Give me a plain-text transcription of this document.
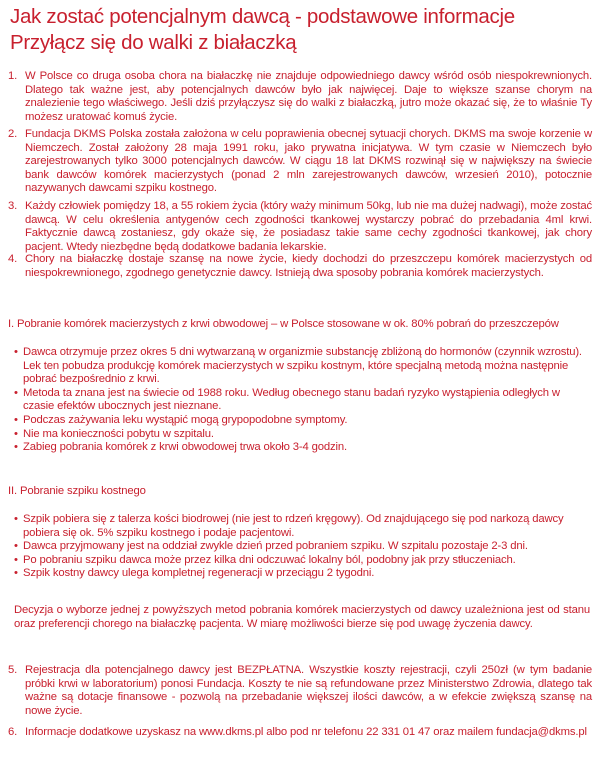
Jak zostać potencjalnym dawcą - podstawowe informacje
Przyłącz się do walki z białaczką
1. W Polsce co druga osoba chora na białaczkę nie znajduje odpowiedniego dawcy wśród osób niespokrewnionych. Dlatego tak ważne jest, aby potencjalnych dawców było jak najwięcej. Daje to większe szanse chorym na znalezienie tego właściwego. Jeśli dziś przyłączysz się do walki z białaczką, jutro może okazać się, że to właśnie Ty możesz uratować komuś życie.
2. Fundacja DKMS Polska została założona w celu poprawienia obecnej sytuacji chorych. DKMS ma swoje korzenie w Niemczech. Został założony 28 maja 1991 roku, jako prywatna inicjatywa. W tym czasie w Niemczech było zarejestrowanych tylko 3000 potencjalnych dawców. W ciągu 18 lat DKMS rozwinął się w największy na świecie bank dawców komórek macierzystych (ponad 2 mln zarejestrowanych dawców, wrzesień 2010), potocznie nazywanych dawcami szpiku kostnego.
3. Każdy człowiek pomiędzy 18, a 55 rokiem życia (który waży minimum 50kg, lub nie ma dużej nadwagi), może zostać dawcą. W celu określenia antygenów cech zgodności tkankowej wystarczy pobrać do przebadania 4ml krwi. Faktycznie dawcą zostaniesz, gdy okaże się, że posiadasz takie same cechy zgodności tkankowej, jak chory pacjent. Wtedy niezbędne będą dodatkowe badania lekarskie.
4. Chory na białaczkę dostaje szansę na nowe życie, kiedy dochodzi do przeszczepu komórek macierzystych od niespokrewnionego, zgodnego genetycznie dawcy. Istnieją dwa sposoby pobrania komórek macierzystych.
I. Pobranie komórek macierzystych z krwi obwodowej – w Polsce stosowane w ok. 80% pobrań do przeszczepów
• Dawca otrzymuje przez okres 5 dni wytwarzaną w organizmie substancję zbliżoną do hormonów (czynnik wzrostu). Lek ten pobudza produkcję komórek macierzystych w szpiku kostnym, które specjalną metodą można następnie pobrać bezpośrednio z krwi.
• Metoda ta znana jest na świecie od 1988 roku. Według obecnego stanu badań ryzyko wystąpienia odległych w czasie efektów ubocznych jest nieznane.
• Podczas zażywania leku wystąpić mogą grypopodobne symptomy.
• Nie ma konieczności pobytu w szpitalu.
• Zabieg pobrania komórek z krwi obwodowej trwa około 3-4 godzin.
II. Pobranie szpiku kostnego
• Szpik pobiera się z talerza kości biodrowej (nie jest to rdzeń kręgowy). Od znajdującego się pod narkozą dawcy pobiera się ok. 5% szpiku kostnego i podaje pacjentowi.
• Dawca przyjmowany jest na oddział zwykle dzień przed pobraniem szpiku. W szpitalu pozostaje 2-3 dni.
• Po pobraniu szpiku dawca może przez kilka dni odczuwać lokalny ból, podobny jak przy stłuczeniach.
• Szpik kostny dawcy ulega kompletnej regeneracji w przeciągu 2 tygodni.
Decyzja o wyborze jednej z powyższych metod pobrania komórek macierzystych od dawcy uzależniona jest od stanu oraz preferencji chorego na białaczkę pacjenta. W miarę możliwości bierze się pod uwagę życzenia dawcy.
5. Rejestracja dla potencjalnego dawcy jest BEZPŁATNA. Wszystkie koszty rejestracji, czyli 250zł (w tym badanie próbki krwi w laboratorium) ponosi Fundacja. Koszty te nie są refundowane przez Ministerstwo Zdrowia, dlatego tak ważne są dotacje finansowe - pozwolą na przebadanie większej ilości dawców, a w efekcie zwiększą szansę na nowe życie.
6. Informacje dodatkowe uzyskasz na www.dkms.pl albo pod nr telefonu 22 331 01 47 oraz mailem fundacja@dkms.pl
